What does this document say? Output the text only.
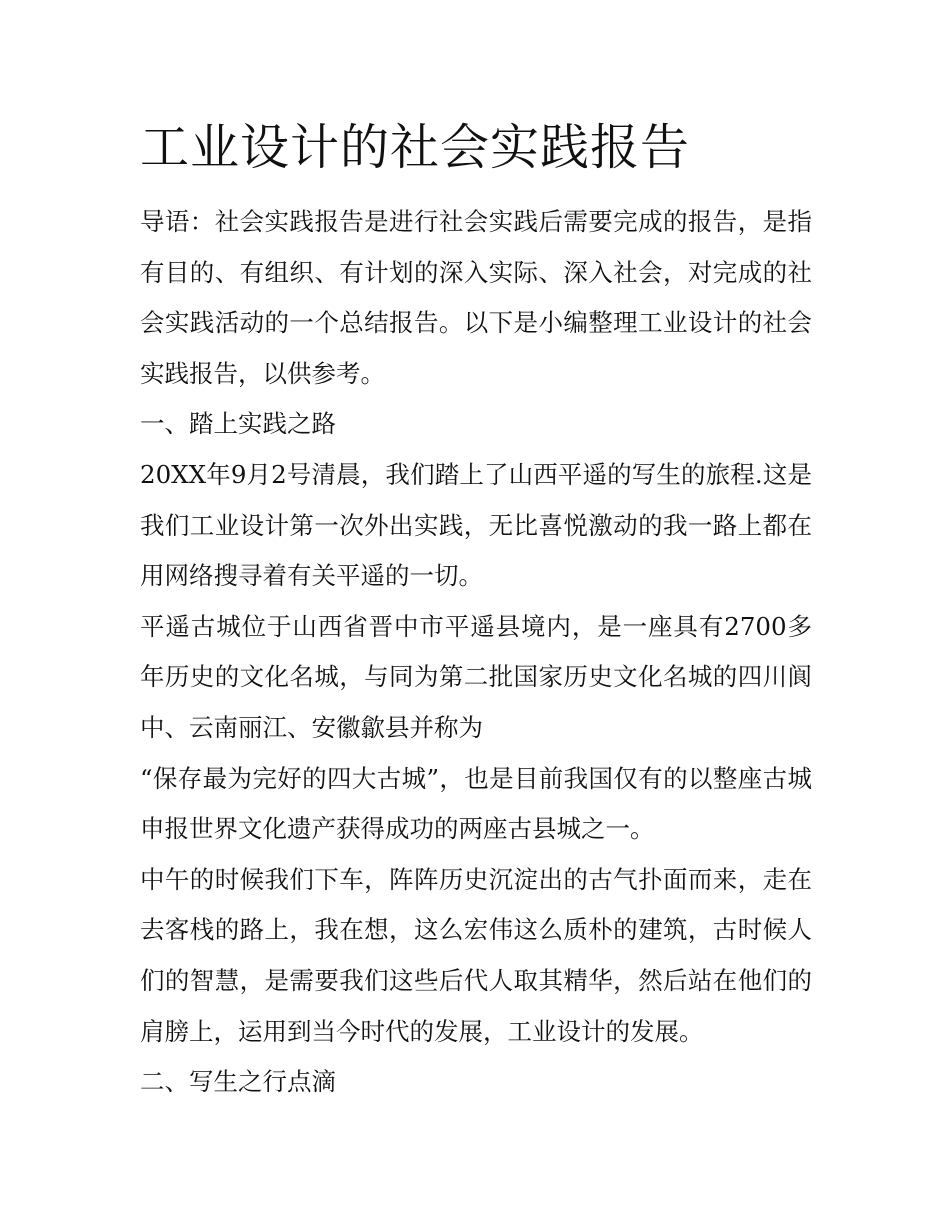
工业设计的社会实践报告

导语：社会实践报告是进行社会实践后需要完成的报告，是指有目的、有组织、有计划的深入实际、深入社会，对完成的社会实践活动的一个总结报告。以下是小编整理工业设计的社会实践报告，以供参考。

一、踏上实践之路

20XX年9月2号清晨，我们踏上了山西平遥的写生的旅程.这是我们工业设计第一次外出实践，无比喜悦激动的我一路上都在用网络搜寻着有关平遥的一切。

平遥古城位于山西省晋中市平遥县境内，是一座具有2700多年历史的文化名城，与同为第二批国家历史文化名城的四川阆中、云南丽江、安徽歙县并称为

“保存最为完好的四大古城”，也是目前我国仅有的以整座古城申报世界文化遗产获得成功的两座古县城之一。

中午的时候我们下车，阵阵历史沉淀出的古气扑面而来，走在去客栈的路上，我在想，这么宏伟这么质朴的建筑，古时候人们的智慧，是需要我们这些后代人取其精华，然后站在他们的肩膀上，运用到当今时代的发展，工业设计的发展。

二、写生之行点滴
